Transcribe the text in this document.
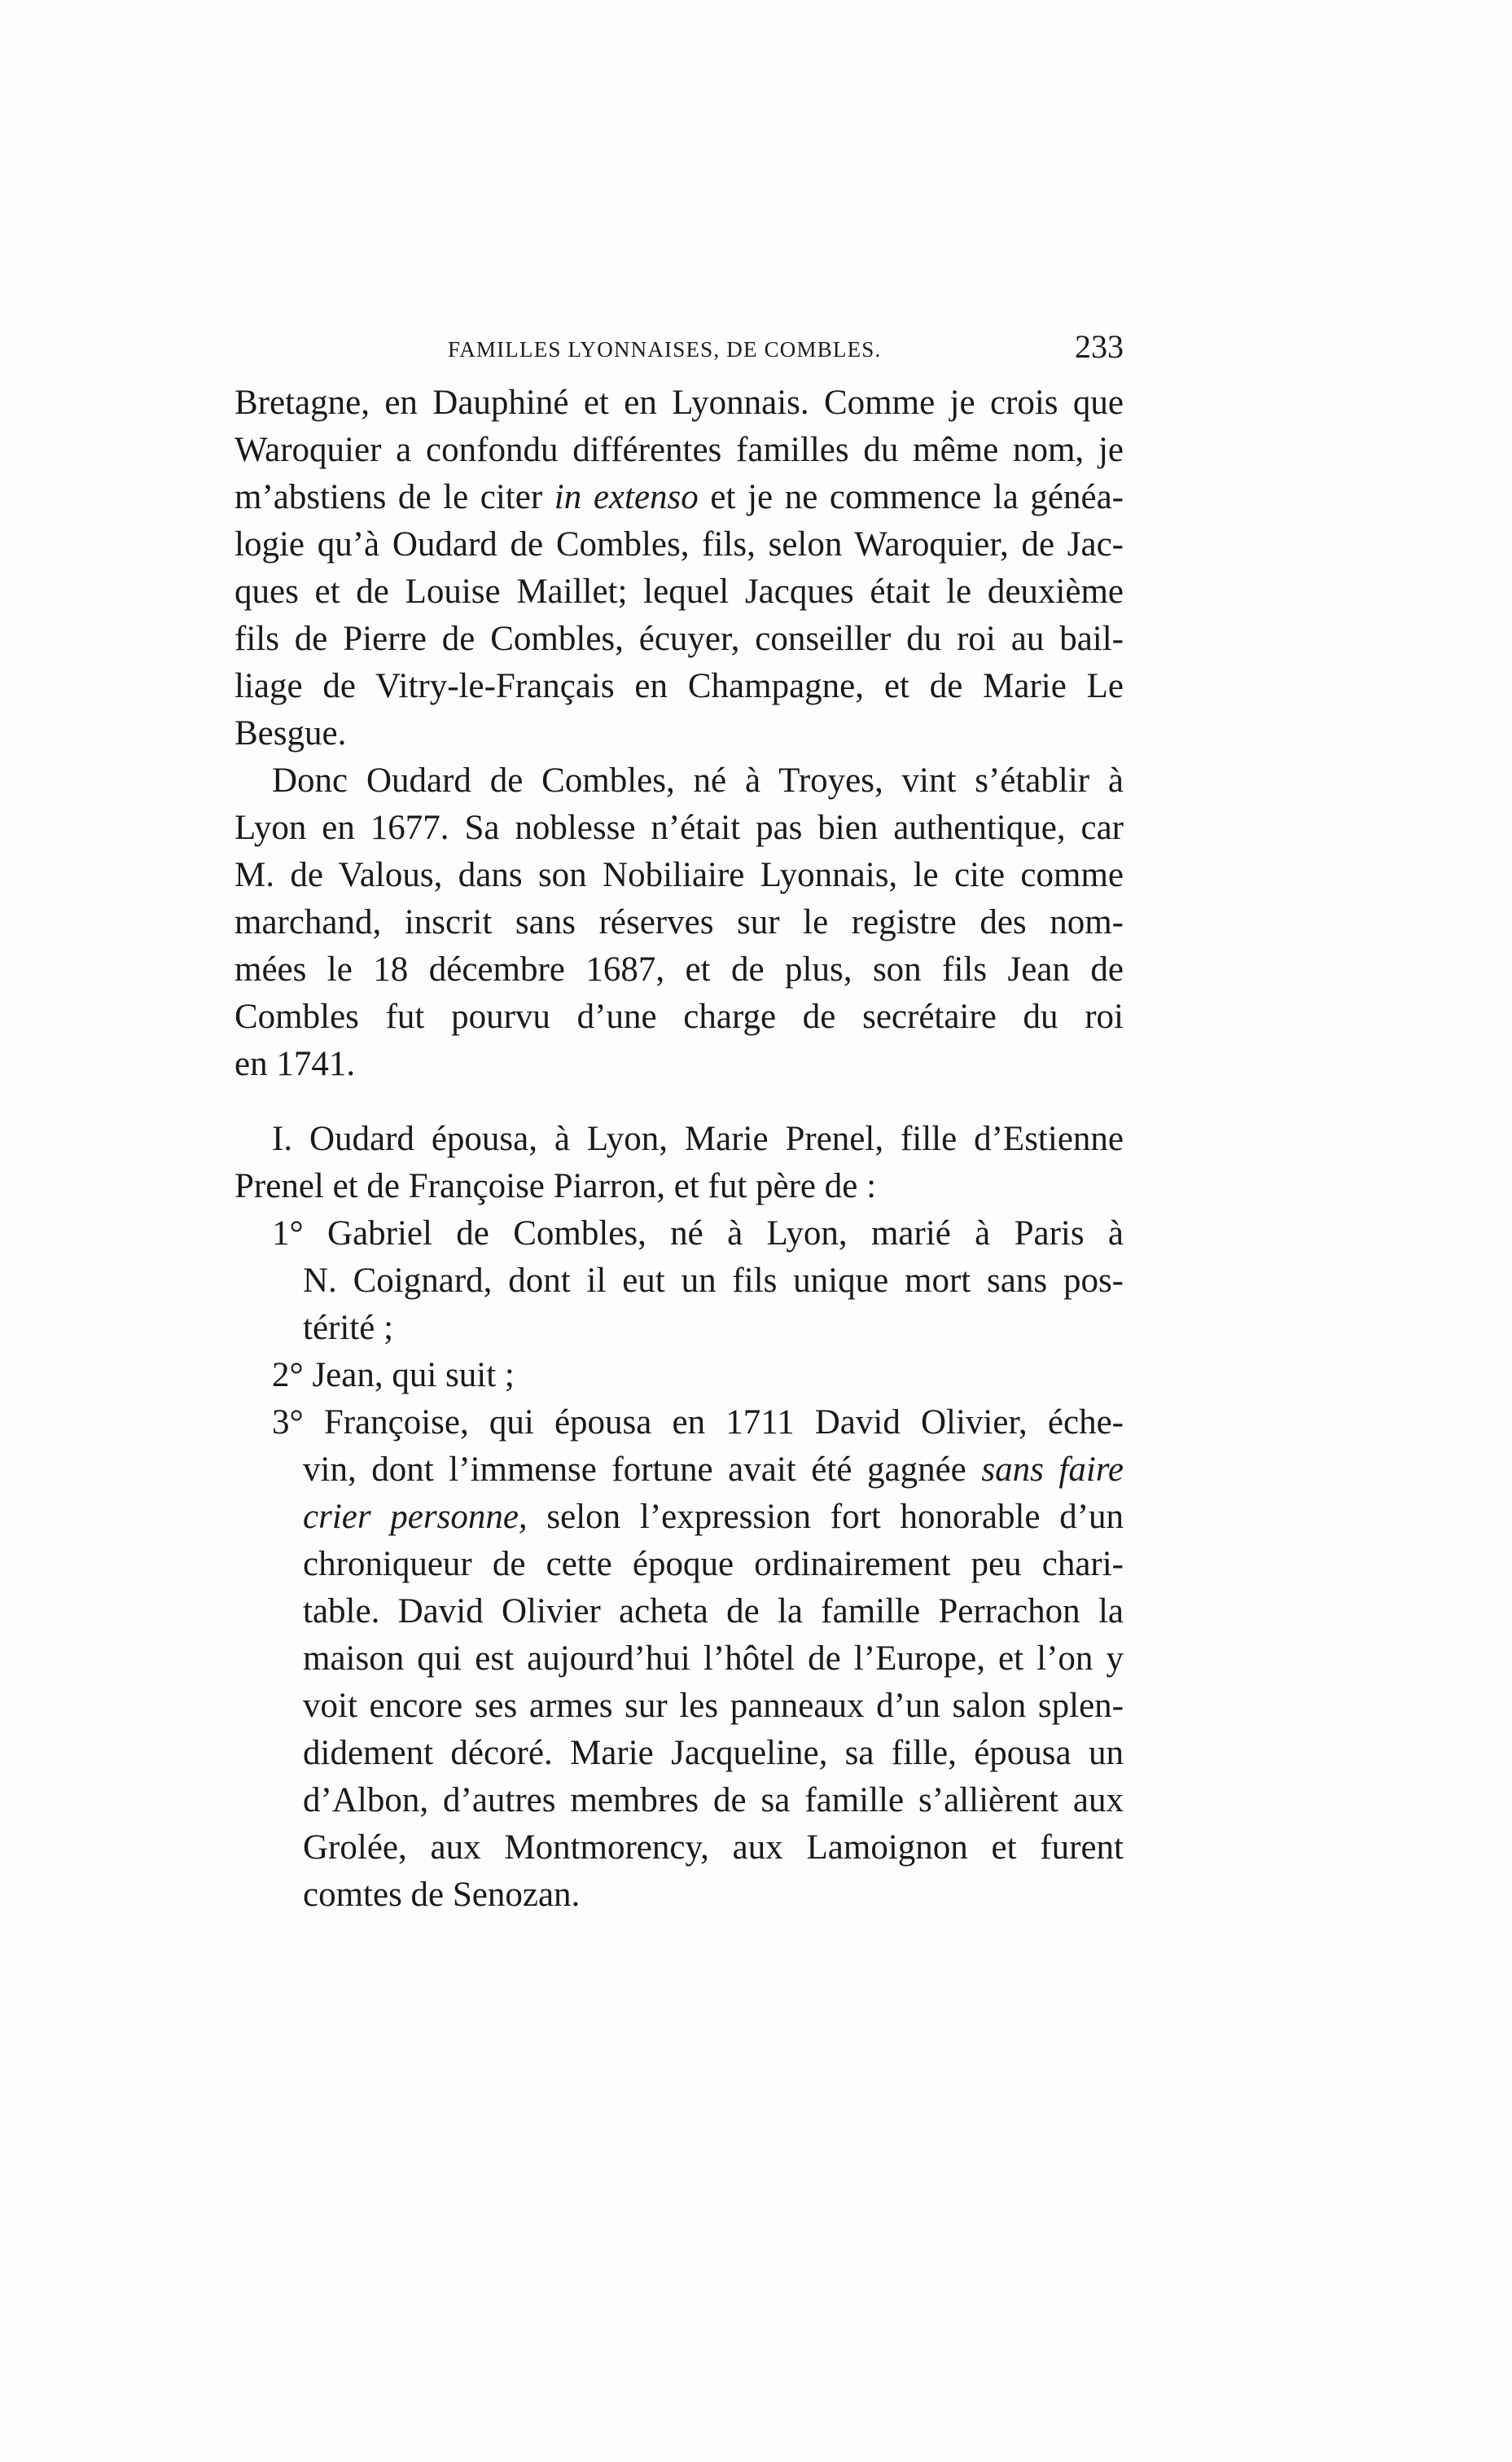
FAMILLES LYONNAISES, DE COMBLES.	233
Bretagne, en Dauphiné et en Lyonnais. Comme je crois que
Waroquier a confondu différentes familles du même nom, je
m’abstiens de le citer in extenso et je ne commence la généa-
logie qu’à Oudard de Combles, fils, selon Waroquier, de Jac-
ques et de Louise Maillet; lequel Jacques était le deuxième
fils de Pierre de Combles, écuyer, conseiller du roi au bail-
liage de Vitry-le-Français en Champagne, et de Marie Le
Besgue.
Donc Oudard de Combles, né à Troyes, vint s’établir à
Lyon en 1677. Sa noblesse n’était pas bien authentique, car
M. de Valous, dans son Nobiliaire Lyonnais, le cite comme
marchand, inscrit sans réserves sur le registre des nom-
mées le 18 décembre 1687, et de plus, son fils Jean de
Combles fut pourvu d’une charge de secrétaire du roi
en 1741.
I. Oudard épousa, à Lyon, Marie Prenel, fille d’Estienne
Prenel et de Françoise Piarron, et fut père de :
1° Gabriel de Combles, né à Lyon, marié à Paris à
N. Coignard, dont il eut un fils unique mort sans pos-
térité ;
2° Jean, qui suit ;
3° Françoise, qui épousa en 1711 David Olivier, éche-
vin, dont l’immense fortune avait été gagnée sans faire
crier personne, selon l’expression fort honorable d’un
chroniqueur de cette époque ordinairement peu chari-
table. David Olivier acheta de la famille Perrachon la
maison qui est aujourd’hui l’hôtel de l’Europe, et l’on y
voit encore ses armes sur les panneaux d’un salon splen-
didement décoré. Marie Jacqueline, sa fille, épousa un
d’Albon, d’autres membres de sa famille s’allièrent aux
Grolée, aux Montmorency, aux Lamoignon et furent
comtes de Senozan.
